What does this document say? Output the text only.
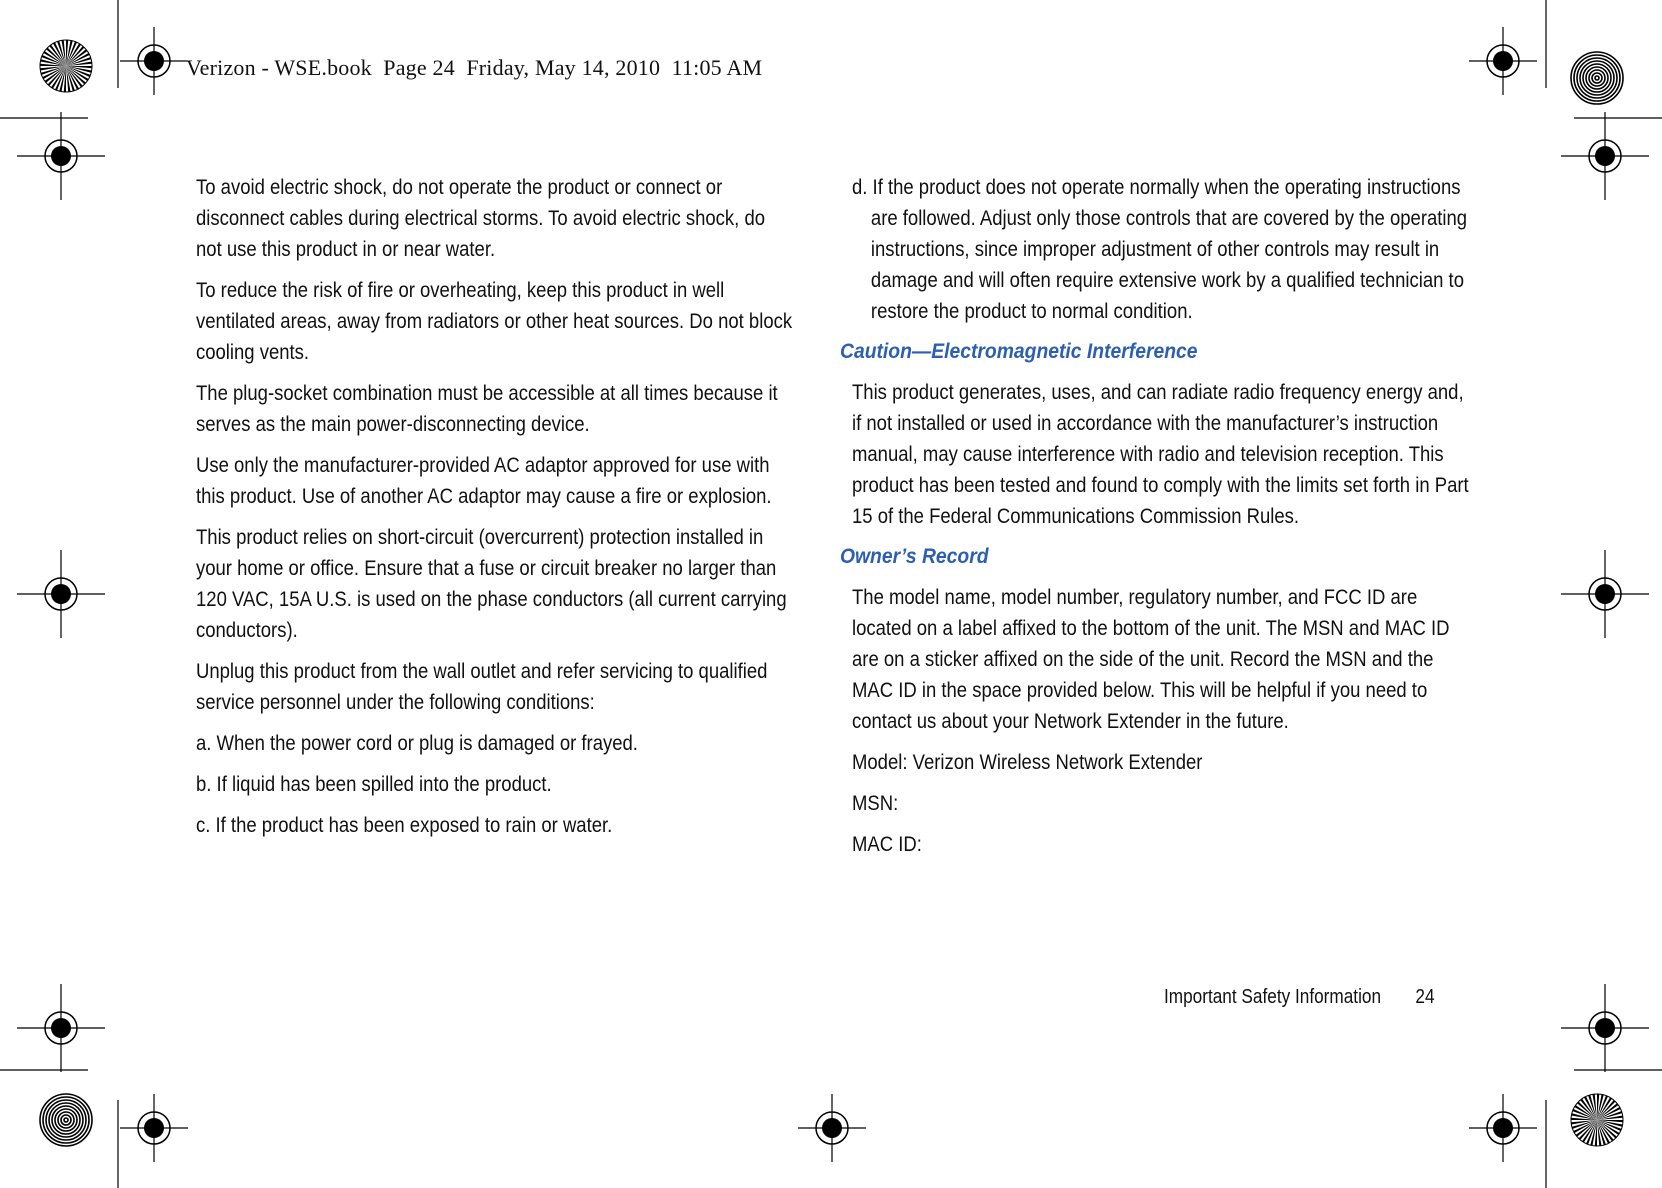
Verizon - WSE.book  Page 24  Friday, May 14, 2010  11:05 AM

To avoid electric shock, do not operate the product or connect or disconnect cables during electrical storms. To avoid electric shock, do not use this product in or near water.

To reduce the risk of fire or overheating, keep this product in well ventilated areas, away from radiators or other heat sources. Do not block cooling vents.

The plug-socket combination must be accessible at all times because it serves as the main power-disconnecting device.

Use only the manufacturer-provided AC adaptor approved for use with this product. Use of another AC adaptor may cause a fire or explosion.

This product relies on short-circuit (overcurrent) protection installed in your home or office. Ensure that a fuse or circuit breaker no larger than 120 VAC, 15A U.S. is used on the phase conductors (all current carrying conductors).

Unplug this product from the wall outlet and refer servicing to qualified service personnel under the following conditions:

a. When the power cord or plug is damaged or frayed.

b. If liquid has been spilled into the product.

c. If the product has been exposed to rain or water.

d. If the product does not operate normally when the operating instructions are followed. Adjust only those controls that are covered by the operating instructions, since improper adjustment of other controls may result in damage and will often require extensive work by a qualified technician to restore the product to normal condition.

Caution—Electromagnetic Interference

This product generates, uses, and can radiate radio frequency energy and, if not installed or used in accordance with the manufacturer’s instruction manual, may cause interference with radio and television reception. This product has been tested and found to comply with the limits set forth in Part 15 of the Federal Communications Commission Rules.

Owner’s Record

The model name, model number, regulatory number, and FCC ID are located on a label affixed to the bottom of the unit. The MSN and MAC ID are on a sticker affixed on the side of the unit. Record the MSN and the MAC ID in the space provided below. This will be helpful if you need to contact us about your Network Extender in the future.

Model: Verizon Wireless Network Extender

MSN:

MAC ID:

Important Safety Information 24
